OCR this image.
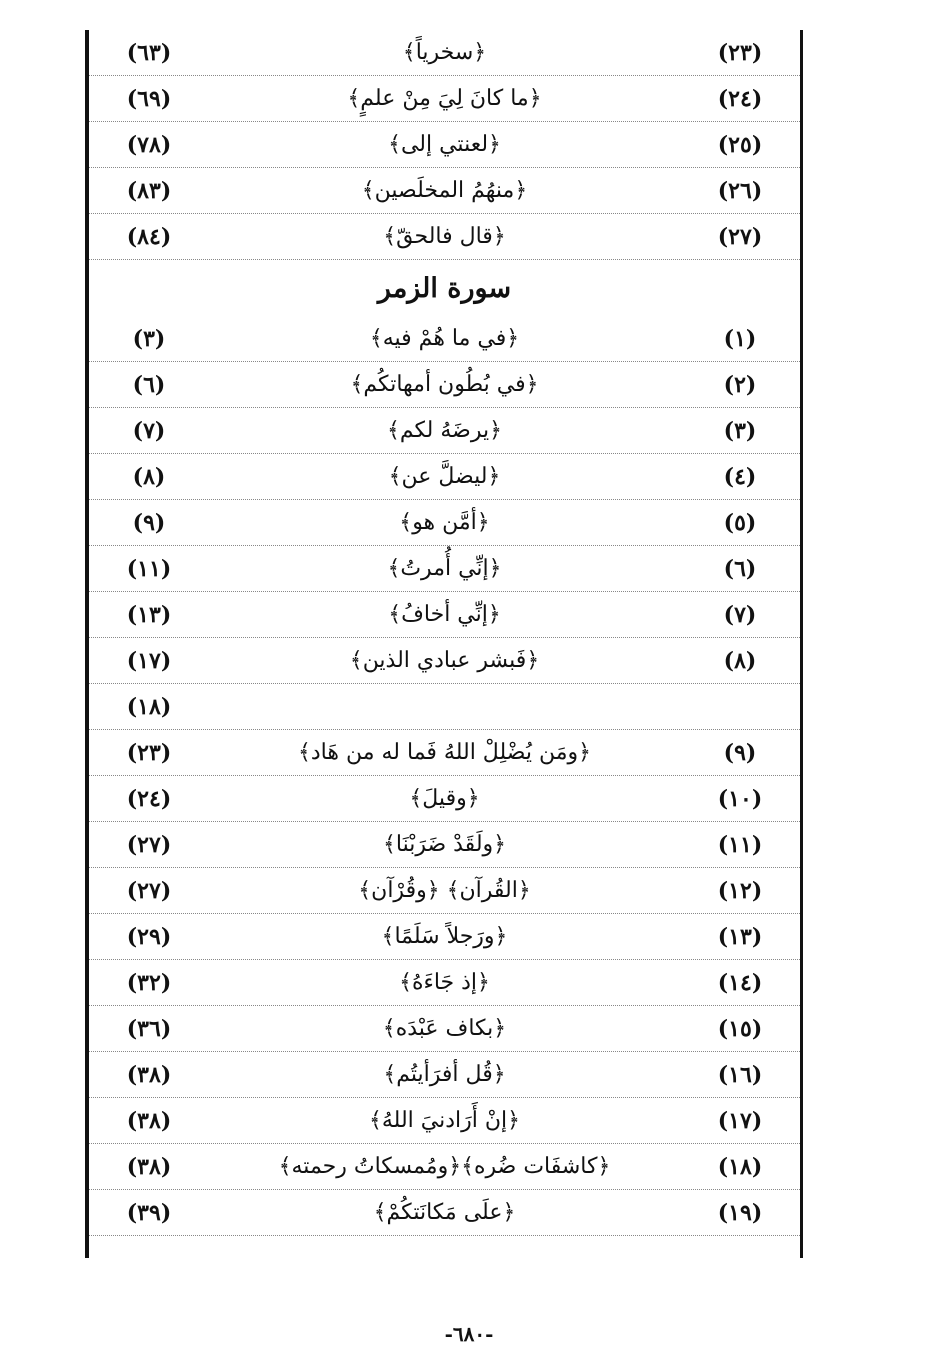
(٢٣)
﴿سخرياً﴾
(٦٣)
(٢٤)
﴿ما كانَ لِيَ مِنْ علمٍ﴾
(٦٩)
(٢٥)
﴿لعنتي إلى﴾
(٧٨)
(٢٦)
﴿منهُمُ المخلَصين﴾
(٨٣)
(٢٧)
﴿قال فالحقّ﴾
(٨٤)
سورة الزمر
(١)
﴿في ما هُمْ فيه﴾
(٣)
(٢)
﴿في بُطُون أمهاتكُم﴾
(٦)
(٣)
﴿يرضَهُ لكم﴾
(٧)
(٤)
﴿ليضلَّ عن﴾
(٨)
(٥)
﴿أمَّن هو﴾
(٩)
(٦)
﴿إنِّي أُمرتُ﴾
(١١)
(٧)
﴿إنِّي أخافُ﴾
(١٣)
(٨)
﴿فَبشر عبادي الذين﴾
(١٧)
(١٨)
(٩)
﴿ومَن يُضْلِلْ اللهُ فَما له من هَاد﴾
(٢٣)
(١٠)
﴿وقيلَ﴾
(٢٤)
(١١)
﴿ولَقَدْ ضَرَبْنَا﴾
(٢٧)
(١٢)
﴿القُرآن﴾ ﴿وقُرْآن﴾
(٢٧)
(١٣)
﴿ورَجلاً سَلَمًا﴾
(٢٩)
(١٤)
﴿إذ جَاءَهُ﴾
(٣٢)
(١٥)
﴿بكاف عَبْدَه﴾
(٣٦)
(١٦)
﴿قُل أفرَأيتُم﴾
(٣٨)
(١٧)
﴿إنْ أَرَادنيَ اللهُ﴾
(٣٨)
(١٨)
﴿كاشفَات ضُره﴾﴿ومُمسكاتُ رحمته﴾
(٣٨)
(١٩)
﴿علَى مَكانَتكُمْ﴾
(٣٩)
-٦٨٠-
